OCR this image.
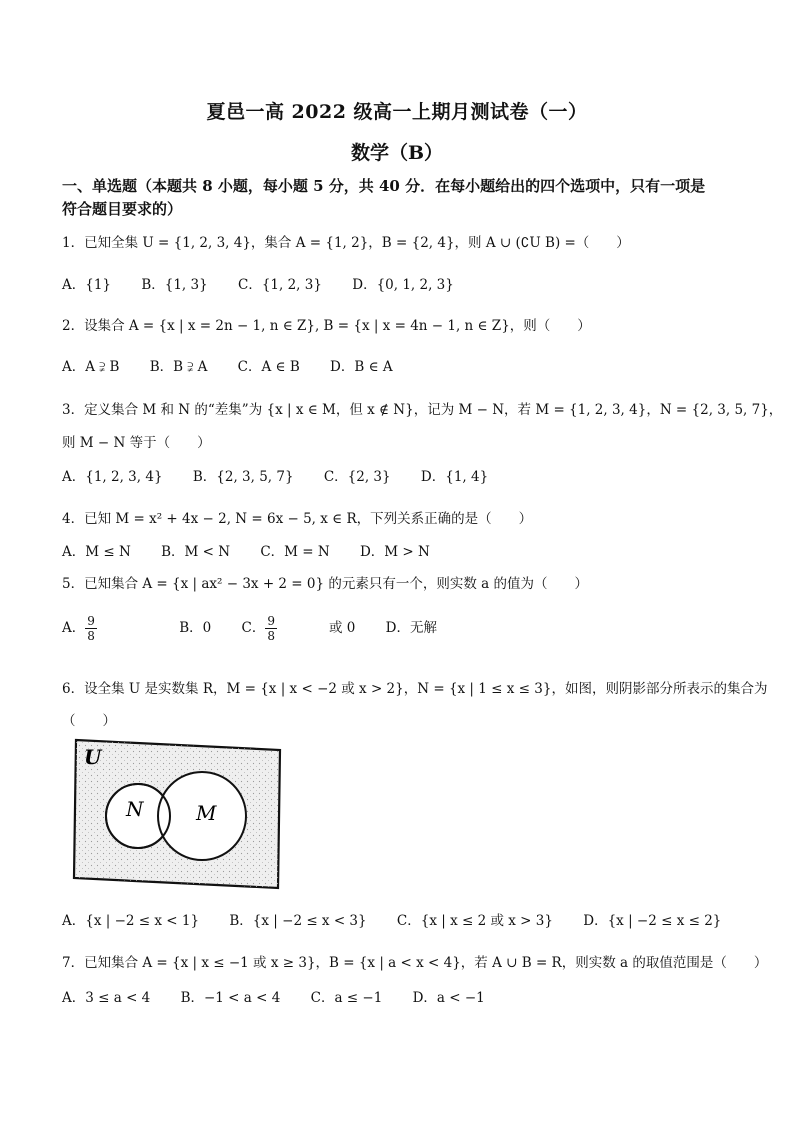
夏邑一高 2022 级高一上期月测试卷（一）
数学（B）
一、单选题（本题共 8 小题，每小题 5 分，共 40 分．在每小题给出的四个选项中，只有一项是
符合题目要求的）
1．已知全集 U = {1, 2, 3, 4}，集合 A = {1, 2}，B = {2, 4}，则 A ∪ (∁U B) =（　　）
A．{1} B．{1, 3} C．{1, 2, 3} D．{0, 1, 2, 3}
2．设集合 A = {x | x = 2n − 1, n ∈ Z}, B = {x | x = 4n − 1, n ∈ Z}，则（　　）
A．A ⫌ B B．B ⫌ A C．A ∈ B D．B ∈ A
3．定义集合 M 和 N 的“差集”为 {x | x ∈ M，但 x ∉ N}，记为 M − N，若 M = {1, 2, 3, 4}，N = {2, 3, 5, 7}，
则 M − N 等于（　　）
A．{1, 2, 3, 4} B．{2, 3, 5, 7} C．{2, 3} D．{1, 4}
4．已知 M = x² + 4x − 2, N = 6x − 5, x ∈ R，下列关系正确的是（　　）
A．M ≤ N B．M < N C．M = N D．M > N
5．已知集合 A = {x | ax² − 3x + 2 = 0} 的元素只有一个，则实数 a 的值为（　　）
A． $\frac{9}{8}$	B．0 C． $\frac{9}{8}$ 或 0 D．无解
6．设全集 U 是实数集 R，M = {x | x < −2 或 x > 2}，N = {x | 1 ≤ x ≤ 3}，如图，则阴影部分所表示的集合为
（　　）
U
N	M
A．{x | −2 ≤ x < 1} B．{x | −2 ≤ x < 3} C．{x | x ≤ 2 或 x > 3} D．{x | −2 ≤ x ≤ 2}
7．已知集合 A = {x | x ≤ −1 或 x ≥ 3}，B = {x | a < x < 4}，若 A ∪ B = R，则实数 a 的取值范围是（　　）
A．3 ≤ a < 4 B．−1 < a < 4 C．a ≤ −1 D．a < −1
